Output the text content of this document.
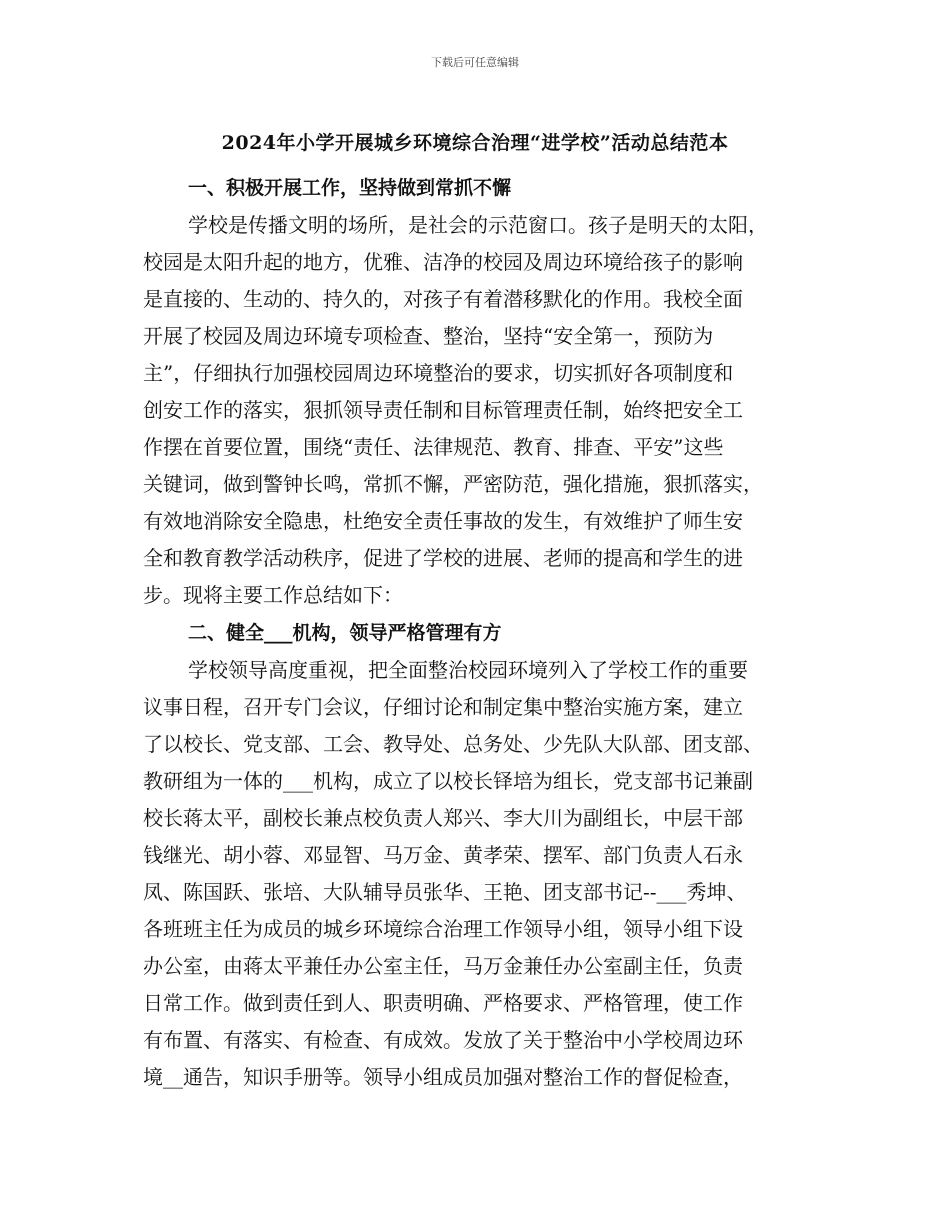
下载后可任意编辑
2024年小学开展城乡环境综合治理“进学校”活动总结范本
一、积极开展工作，坚持做到常抓不懈
学校是传播文明的场所，是社会的示范窗口。孩子是明天的太阳，
校园是太阳升起的地方，优雅、洁净的校园及周边环境给孩子的影响
是直接的、生动的、持久的，对孩子有着潜移默化的作用。我校全面
开展了校园及周边环境专项检查、整治，坚持“安全第一，预防为
主”，仔细执行加强校园周边环境整治的要求，切实抓好各项制度和
创安工作的落实，狠抓领导责任制和目标管理责任制，始终把安全工
作摆在首要位置，围绕“责任、法律规范、教育、排查、平安”这些
关键词，做到警钟长鸣，常抓不懈，严密防范，强化措施，狠抓落实，
有效地消除安全隐患，杜绝安全责任事故的发生，有效维护了师生安
全和教育教学活动秩序，促进了学校的进展、老师的提高和学生的进
步。现将主要工作总结如下：
二、健全___机构，领导严格管理有方
学校领导高度重视，把全面整治校园环境列入了学校工作的重要
议事日程，召开专门会议，仔细讨论和制定集中整治实施方案，建立
了以校长、党支部、工会、教导处、总务处、少先队大队部、团支部、
教研组为一体的___机构，成立了以校长铎培为组长，党支部书记兼副
校长蒋太平，副校长兼点校负责人郑兴、李大川为副组长，中层干部
钱继光、胡小蓉、邓显智、马万金、黄孝荣、摆军、部门负责人石永
凤、陈国跃、张培、大队辅导员张华、王艳、团支部书记--___秀坤、
各班班主任为成员的城乡环境综合治理工作领导小组，领导小组下设
办公室，由蒋太平兼任办公室主任，马万金兼任办公室副主任，负责
日常工作。做到责任到人、职责明确、严格要求、严格管理，使工作
有布置、有落实、有检查、有成效。发放了关于整治中小学校周边环
境__通告，知识手册等。领导小组成员加强对整治工作的督促检查，
